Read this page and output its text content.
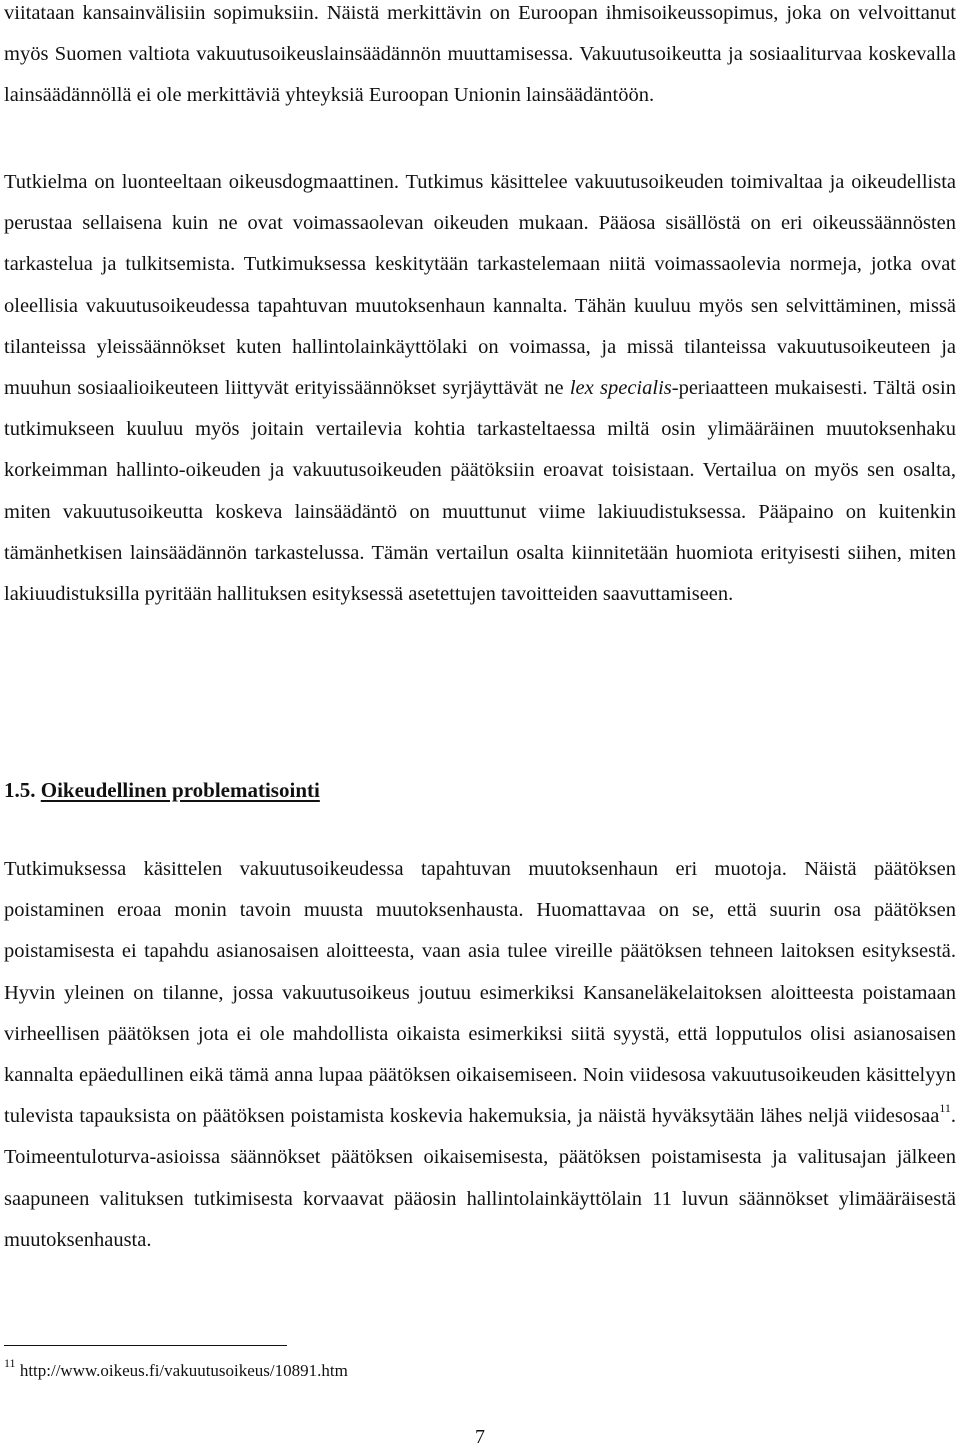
viitataan kansainvälisiin sopimuksiin. Näistä merkittävin on Euroopan ihmisoikeussopimus, joka on velvoittanut myös Suomen valtiota vakuutusoikeuslainsäädännön muuttamisessa. Vakuutusoikeutta ja sosiaaliturvaa koskevalla lainsäädännöllä ei ole merkittäviä yhteyksiä Euroopan Unionin lainsäädäntöön.

Tutkielma on luonteeltaan oikeusdogmaattinen. Tutkimus käsittelee vakuutusoikeuden toimivaltaa ja oikeudellista perustaa sellaisena kuin ne ovat voimassaolevan oikeuden mukaan. Pääosa sisällöstä on eri oikeussäännösten tarkastelua ja tulkitsemista. Tutkimuksessa keskitytään tarkastelemaan niitä voimassaolevia normeja, jotka ovat oleellisia vakuutusoikeudessa tapahtuvan muutoksenhaun kannalta. Tähän kuuluu myös sen selvittäminen, missä tilanteissa yleissäännökset kuten hallintolainkäyttölaki on voimassa, ja missä tilanteissa vakuutusoikeuteen ja muuhun sosiaalioikeuteen liittyvät erityissäännökset syrjäyttävät ne lex specialis-periaatteen mukaisesti. Tältä osin tutkimukseen kuuluu myös joitain vertailevia kohtia tarkasteltaessa miltä osin ylimääräinen muutoksenhaku korkeimman hallinto-oikeuden ja vakuutusoikeuden päätöksiin eroavat toisistaan. Vertailua on myös sen osalta, miten vakuutusoikeutta koskeva lainsäädäntö on muuttunut viime lakiuudistuksessa. Pääpaino on kuitenkin tämänhetkisen lainsäädännön tarkastelussa. Tämän vertailun osalta kiinnitetään huomiota erityisesti siihen, miten lakiuudistuksilla pyritään hallituksen esityksessä asetettujen tavoitteiden saavuttamiseen.

1.5. Oikeudellinen problematisointi

Tutkimuksessa käsittelen vakuutusoikeudessa tapahtuvan muutoksenhaun eri muotoja. Näistä päätöksen poistaminen eroaa monin tavoin muusta muutoksenhausta. Huomattavaa on se, että suurin osa päätöksen poistamisesta ei tapahdu asianosaisen aloitteesta, vaan asia tulee vireille päätöksen tehneen laitoksen esityksestä. Hyvin yleinen on tilanne, jossa vakuutusoikeus joutuu esimerkiksi Kansaneläkelaitoksen aloitteesta poistamaan virheellisen päätöksen jota ei ole mahdollista oikaista esimerkiksi siitä syystä, että lopputulos olisi asianosaisen kannalta epäedullinen eikä tämä anna lupaa päätöksen oikaisemiseen. Noin viidesosa vakuutusoikeuden käsittelyyn tulevista tapauksista on päätöksen poistamista koskevia hakemuksia, ja näistä hyväksytään lähes neljä viidesosaa$^{11}$. Toimeentuloturva-asioissa säännökset päätöksen oikaisemisesta, päätöksen poistamisesta ja valitusajan jälkeen saapuneen valituksen tutkimisesta korvaavat pääosin hallintolainkäyttölain 11 luvun säännökset ylimääräisestä muutoksenhausta.

$^{11}$ http://www.oikeus.fi/vakuutusoikeus/10891.htm

7
